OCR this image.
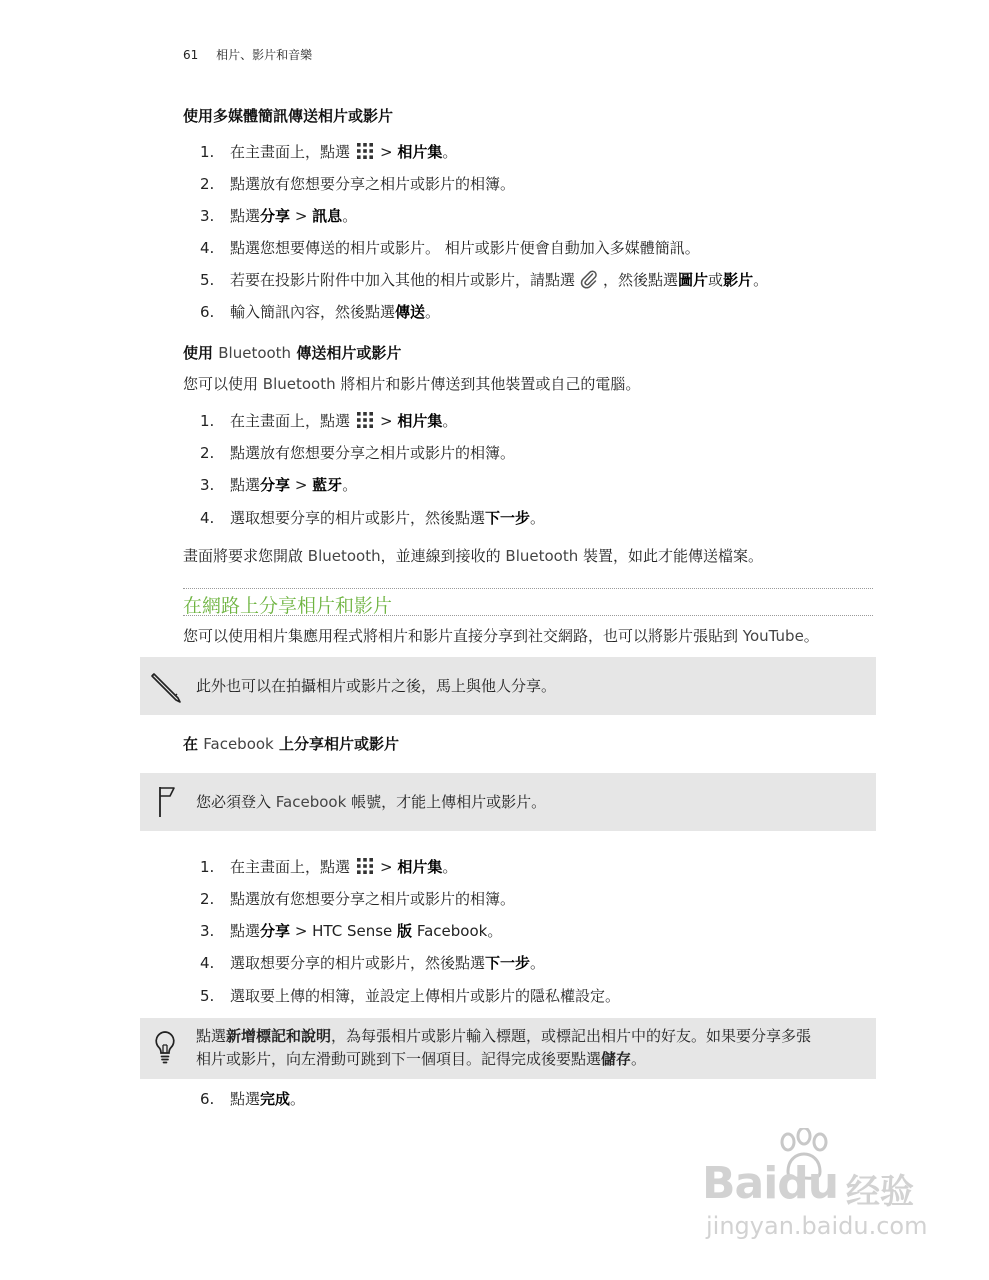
61 相片、影片和音樂
使用多媒體簡訊傳送相片或影片
1. 在主畫面上，點選 > 相片集。
2. 點選放有您想要分享之相片或影片的相簿。
3. 點選分享 > 訊息。
4. 點選您想要傳送的相片或影片。 相片或影片便會自動加入多媒體簡訊。
5. 若要在投影片附件中加入其他的相片或影片，請點選 ，然後點選圖片或影片。
6. 輸入簡訊內容，然後點選傳送。
使用 Bluetooth 傳送相片或影片
您可以使用 Bluetooth 將相片和影片傳送到其他裝置或自己的電腦。
1. 在主畫面上，點選 > 相片集。
2. 點選放有您想要分享之相片或影片的相簿。
3. 點選分享 > 藍牙。
4. 選取想要分享的相片或影片，然後點選下一步。
畫面將要求您開啟 Bluetooth，並連線到接收的 Bluetooth 裝置，如此才能傳送檔案。
在網路上分享相片和影片
您可以使用相片集應用程式將相片和影片直接分享到社交網路，也可以將影片張貼到 YouTube。
此外也可以在拍攝相片或影片之後，馬上與他人分享。
在 Facebook 上分享相片或影片
您必須登入 Facebook 帳號，才能上傳相片或影片。
1. 在主畫面上，點選 > 相片集。
2. 點選放有您想要分享之相片或影片的相簿。
3. 點選分享 > HTC Sense 版 Facebook。
4. 選取想要分享的相片或影片，然後點選下一步。
5. 選取要上傳的相簿，並設定上傳相片或影片的隱私權設定。
點選新增標記和說明，為每張相片或影片輸入標題，或標記出相片中的好友。如果要分享多張
相片或影片，向左滑動可跳到下一個項目。記得完成後要點選儲存。
6. 點選完成。
Baidu 经验
jingyan.baidu.com
